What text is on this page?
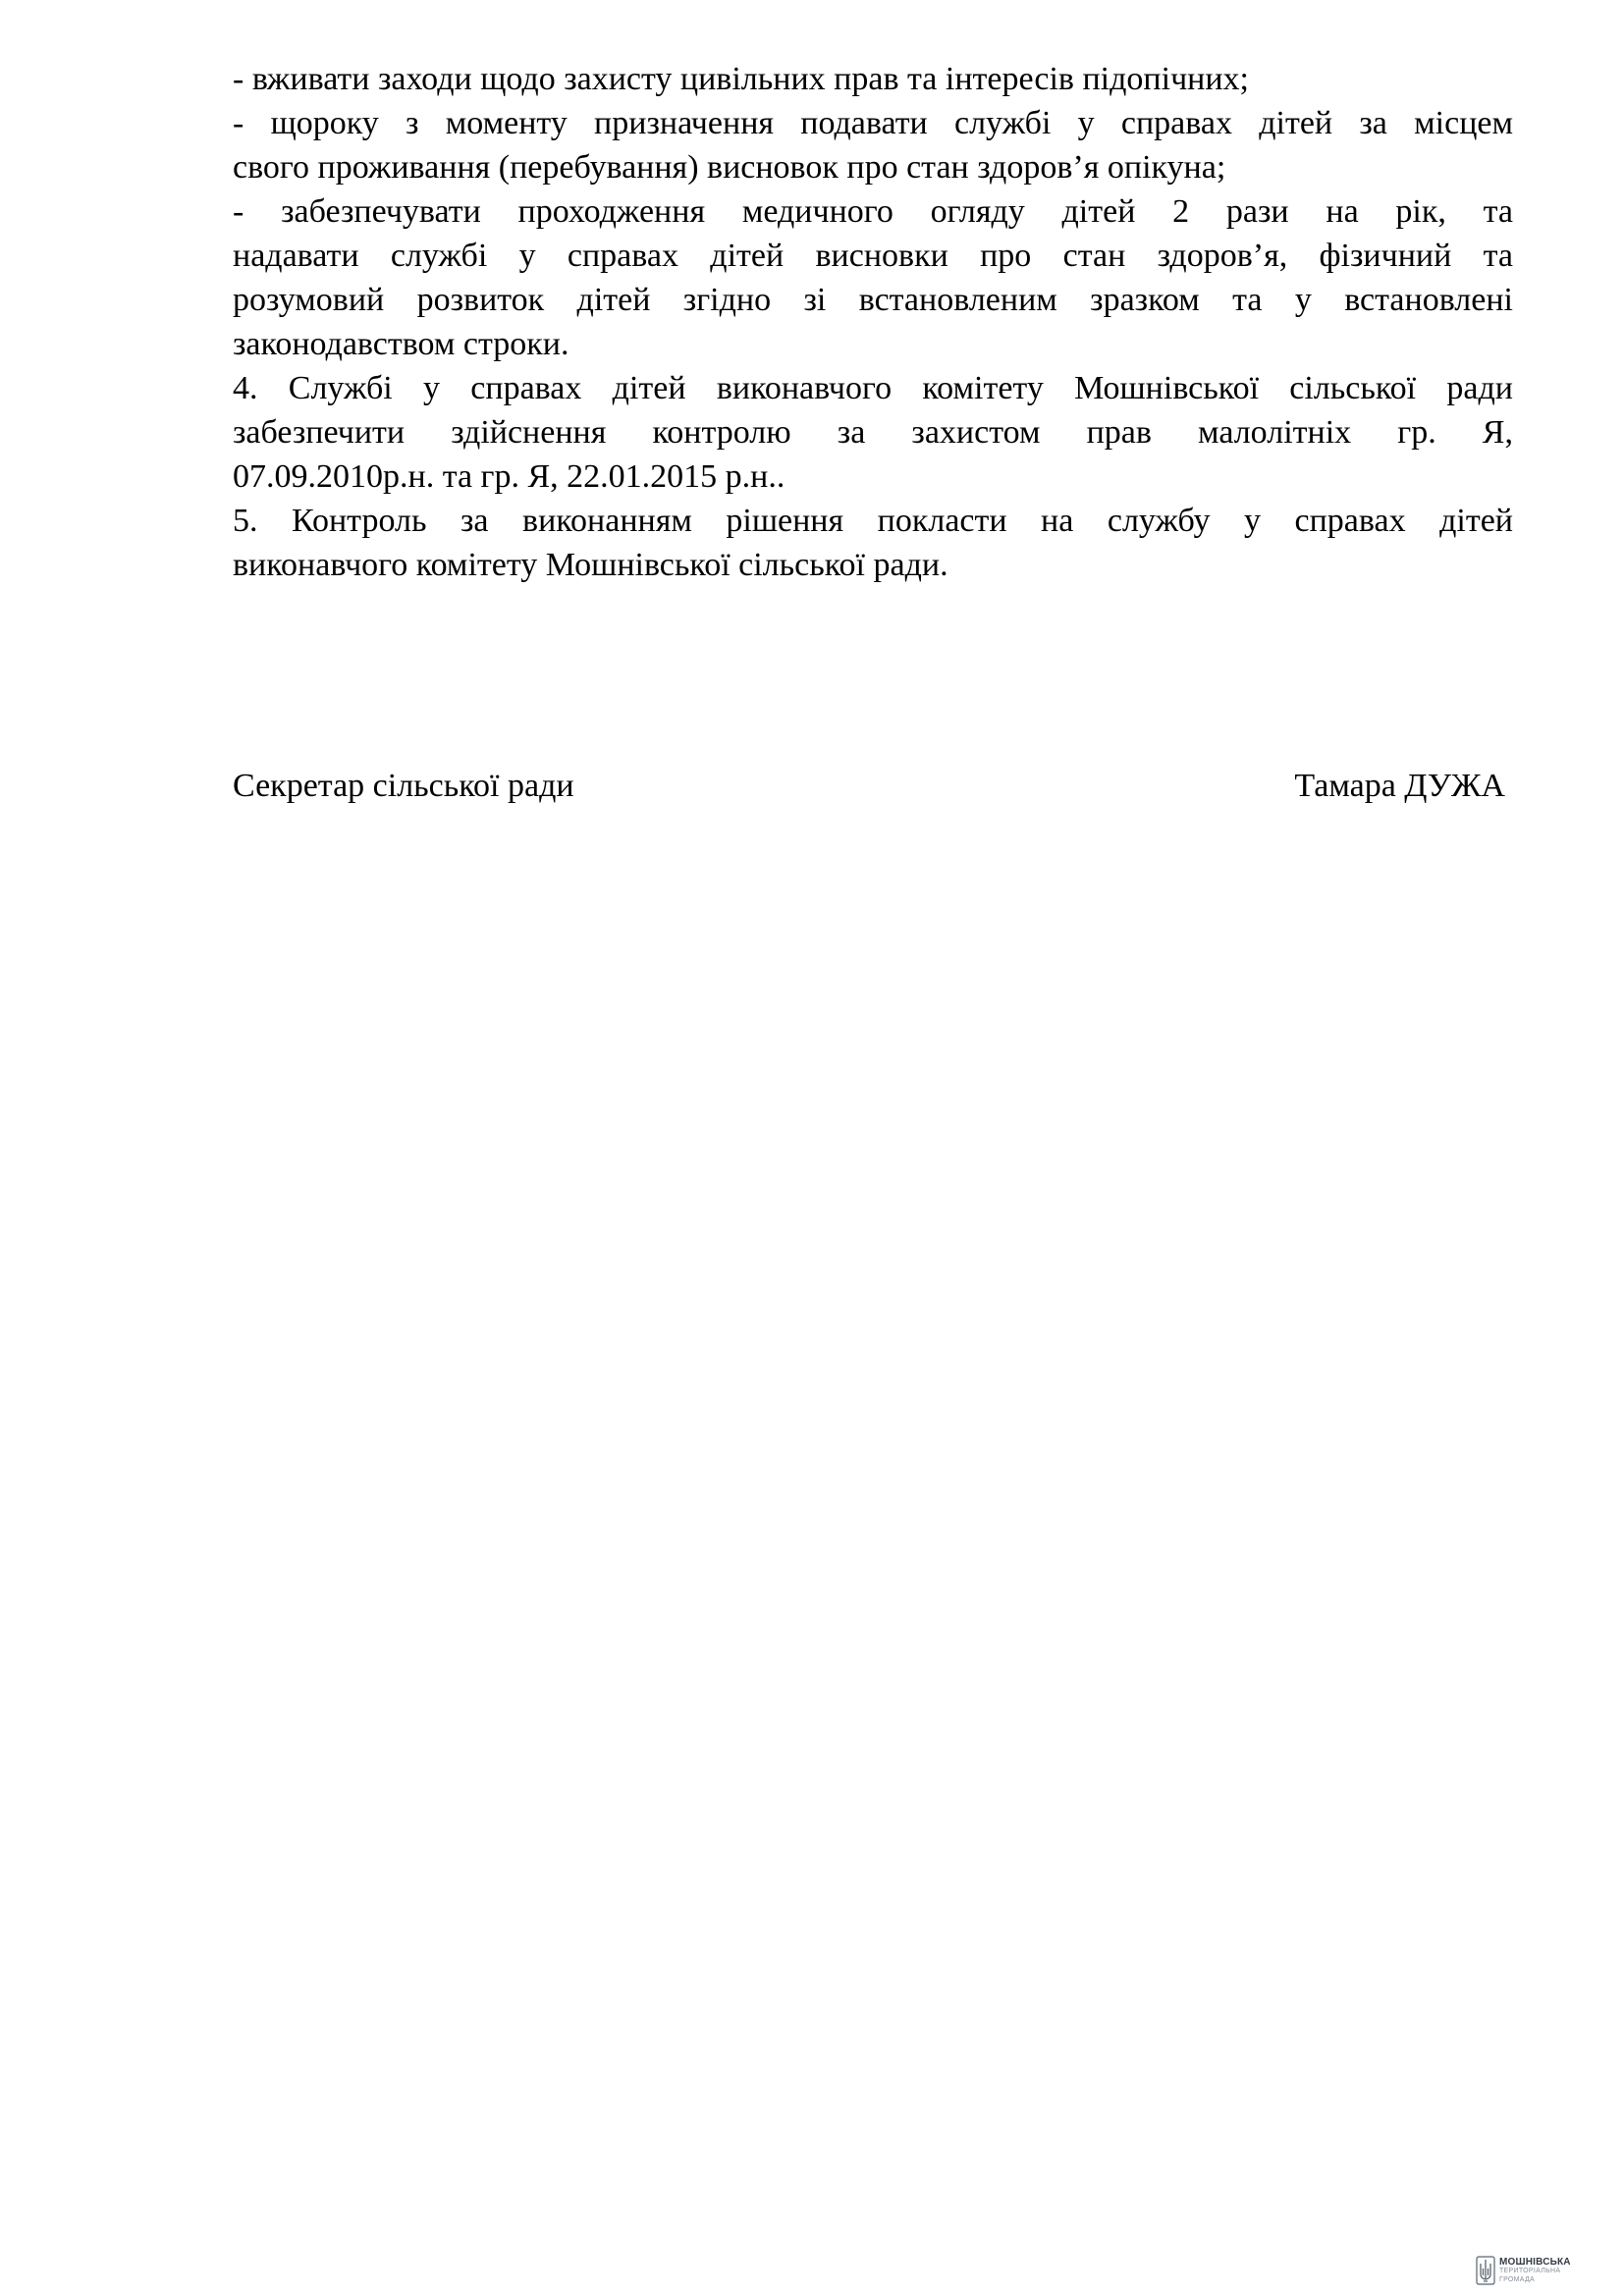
- вживати заходи щодо захисту цивільних прав та інтересів підопічних;
- щороку з моменту призначення подавати службі у справах дітей за місцем
свого проживання (перебування) висновок про стан здоров’я опікуна;
- забезпечувати проходження медичного огляду дітей 2 рази на рік, та
надавати службі у справах дітей висновки про стан здоров’я, фізичний та
розумовий розвиток дітей згідно зі встановленим зразком та у встановлені
законодавством строки.
4. Службі у справах дітей виконавчого комітету Мошнівської сільської ради
забезпечити здійснення контролю за захистом прав малолітніх гр. Я,
07.09.2010р.н. та гр. Я, 22.01.2015 р.н..
5. Контроль за виконанням рішення покласти на службу у справах дітей
виконавчого комітету Мошнівської сільської ради.
Секретар сільської ради	Тамара ДУЖА
МОШНІВСЬКА
ТЕРИТОРІАЛЬНА
ГРОМАДА
